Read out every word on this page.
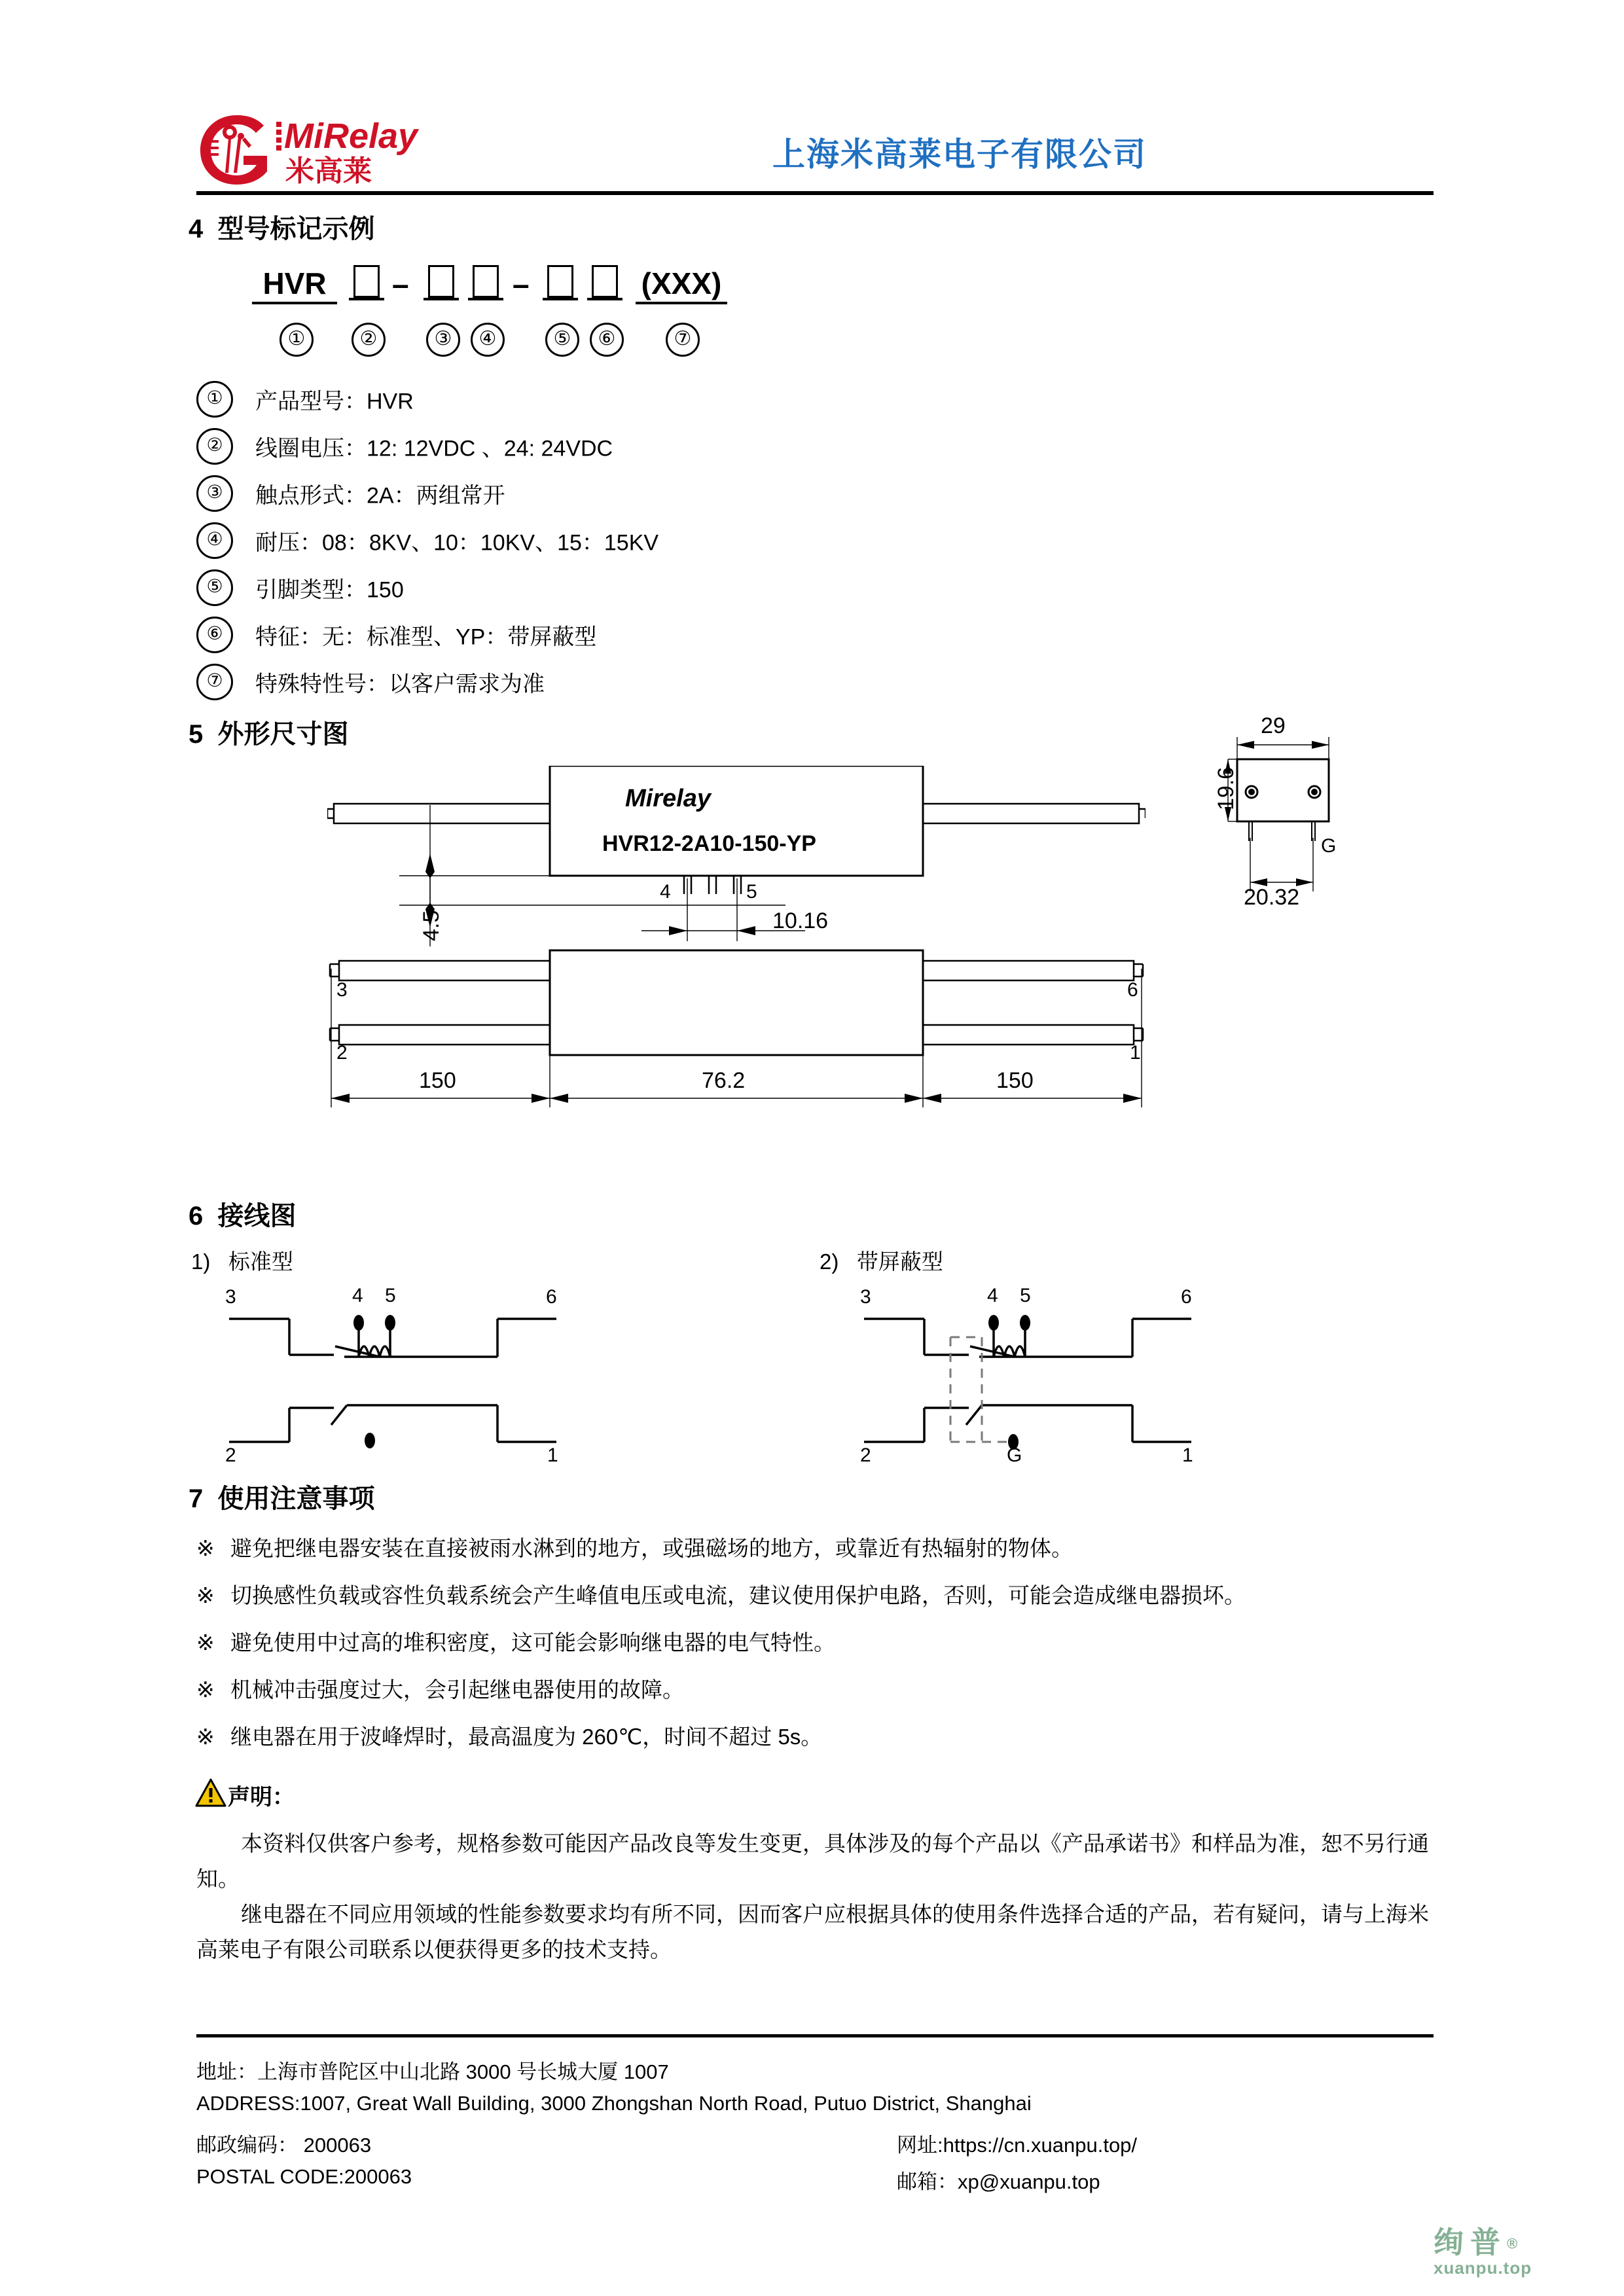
MiRelay
米高莱	上海米高莱电子有限公司
4 型号标记示例
HVR	–	–	(XXX)
①	②	③	④	⑤	⑥	⑦
① 产品型号：HVR
② 线圈电压：12: 12VDC 、24: 24VDC
③ 触点形式：2A：两组常开
④ 耐压：08：8KV、10：10KV、15：15KV
⑤ 引脚类型：150
⑥ 特征：无：标准型、YP：带屏蔽型
⑦ 特殊特性号：以客户需求为准
5 外形尺寸图
Mirelay
HVR12-2A10-150-YP
4.5
4	5
10.16
29
19.6
20.32
G
3
2
6
1
150	76.2	150
6 接线图
1) 标准型	2) 带屏蔽型
3	4 5	6
2	1
3	4 5	6
2	G	1
7 使用注意事项
※ 避免把继电器安装在直接被雨水淋到的地方，或强磁场的地方，或靠近有热辐射的物体。
※ 切换感性负载或容性负载系统会产生峰值电压或电流，建议使用保护电路，否则，可能会造成继电器损坏。
※ 避免使用中过高的堆积密度，这可能会影响继电器的电气特性。
※ 机械冲击强度过大，会引起继电器使用的故障。
※ 继电器在用于波峰焊时，最高温度为 260℃，时间不超过 5s。
声明：
本资料仅供客户参考，规格参数可能因产品改良等发生变更，具体涉及的每个产品以《产品承诺书》和样品为准，恕不另行通知。
继电器在不同应用领域的性能参数要求均有所不同，因而客户应根据具体的使用条件选择合适的产品，若有疑问，请与上海米高莱电子有限公司联系以便获得更多的技术支持。
地址：上海市普陀区中山北路 3000 号长城大厦 1007
ADDRESS:1007, Great Wall Building, 3000 Zhongshan North Road, Putuo District, Shanghai
邮政编码： 200063
POSTAL CODE:200063
网址:https://cn.xuanpu.top/
邮箱：xp@xuanpu.top
绚普®
xuanpu.top
